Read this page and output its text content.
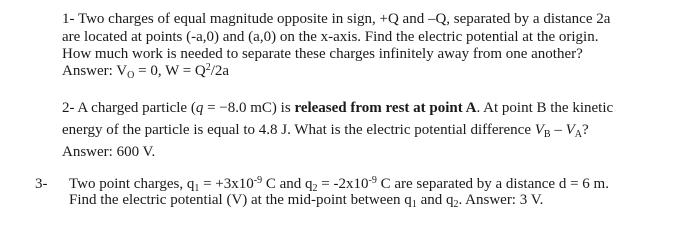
1- Two charges of equal magnitude opposite in sign, +Q and –Q, separated by a distance 2a
are located at points (-a,0) and (a,0) on the x-axis. Find the electric potential at the origin.
How much work is needed to separate these charges infinitely away from one another?
Answer: $V_O = 0$, $W = Q^2/2a$
2- A charged particle (q = −8.0 mC) is released from rest at point A. At point B the kinetic
energy of the particle is equal to 4.8 J. What is the electric potential difference $V_B - V_A$?
Answer: 600 V.
3- Two point charges, $q_1 = +3x10^{-9}$ C and $q_2 = -2x10^{-9}$ C are separated by a distance d = 6 m.
Find the electric potential (V) at the mid-point between $q_1$ and $q_2$. Answer: 3 V.
